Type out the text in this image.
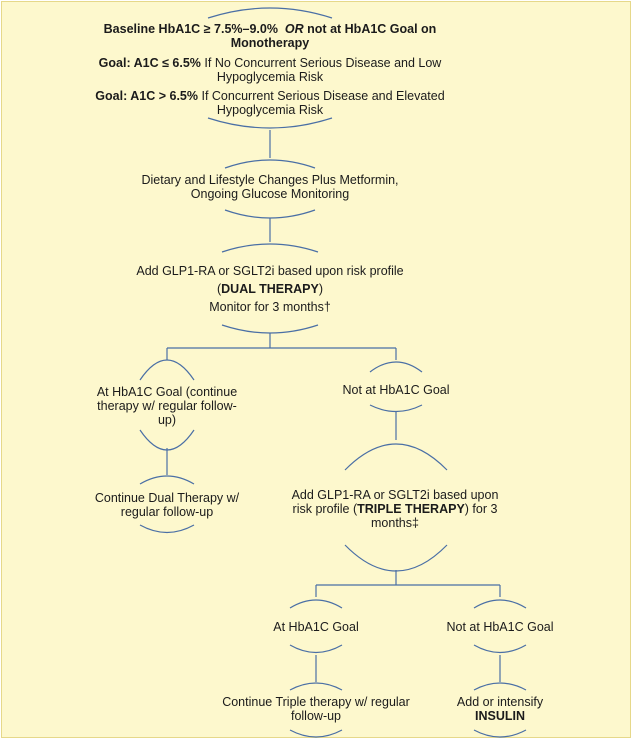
Baseline HbA1C ≥ 7.5%–9.0% OR not at HbA1C Goal on
Monotherapy
Goal: A1C ≤ 6.5% If No Concurrent Serious Disease and Low
Hypoglycemia Risk
Goal: A1C > 6.5% If Concurrent Serious Disease and Elevated
Hypoglycemia Risk
Dietary and Lifestyle Changes Plus Metformin,
Ongoing Glucose Monitoring
Add GLP1-RA or SGLT2i based upon risk profile
(DUAL THERAPY)
Monitor for 3 months†
At HbA1C Goal (continue
therapy w/ regular follow-
up)
Continue Dual Therapy w/
regular follow-up
Not at HbA1C Goal
Add GLP1-RA or SGLT2i based upon
risk profile (TRIPLE THERAPY) for 3
months‡
At HbA1C Goal
Continue Triple therapy w/ regular
follow-up
Not at HbA1C Goal
Add or intensify
INSULIN
